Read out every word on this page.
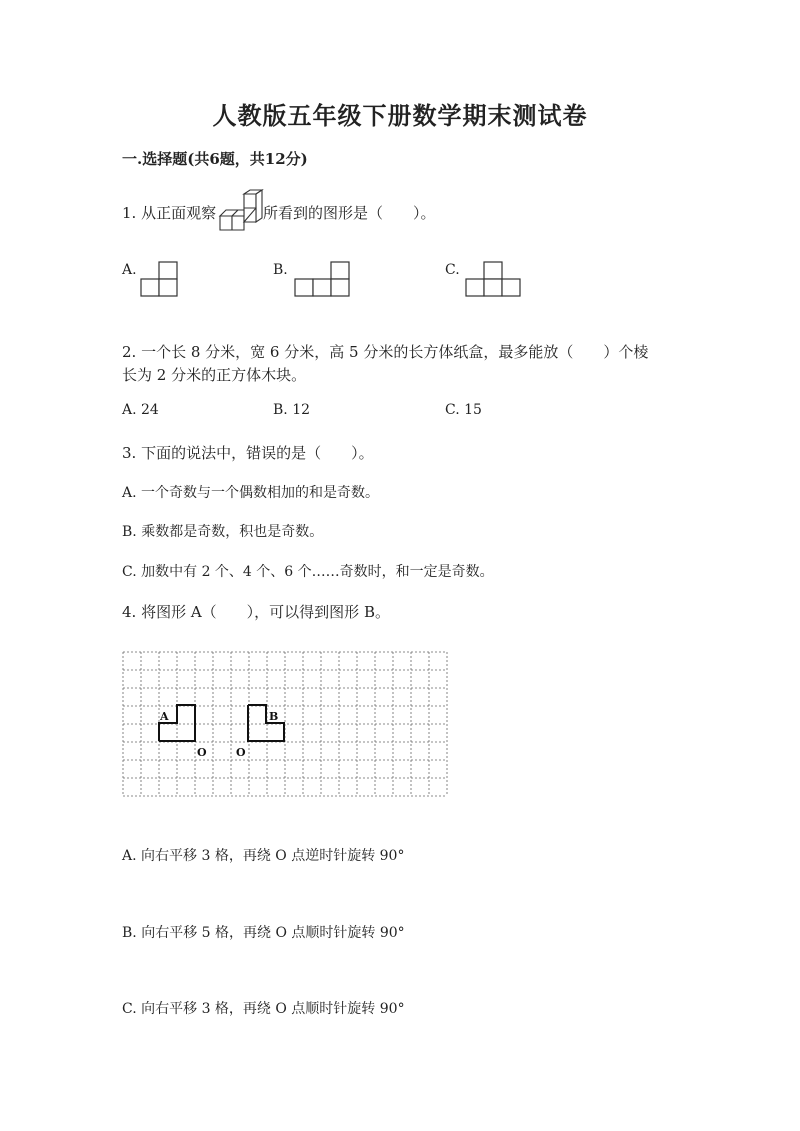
人教版五年级下册数学期末测试卷
一.选择题(共6题，共12分)
1. 从正面观察	所看到的图形是（　　）。
A.	B.	C.
2. 一个长 8 分米，宽 6 分米，高 5 分米的长方体纸盒，最多能放（　　）个棱
长为 2 分米的正方体木块。
A. 24	B. 12	C. 15
3. 下面的说法中，错误的是（　　）。
A. 一个奇数与一个偶数相加的和是奇数。
B. 乘数都是奇数，积也是奇数。
C. 加数中有 2 个、4 个、6 个……奇数时，和一定是奇数。
4. 将图形 A（　　），可以得到图形 B。
A	B
O	O
A. 向右平移 3 格，再绕 O 点逆时针旋转 90°
B. 向右平移 5 格，再绕 O 点顺时针旋转 90°
C. 向右平移 3 格，再绕 O 点顺时针旋转 90°
